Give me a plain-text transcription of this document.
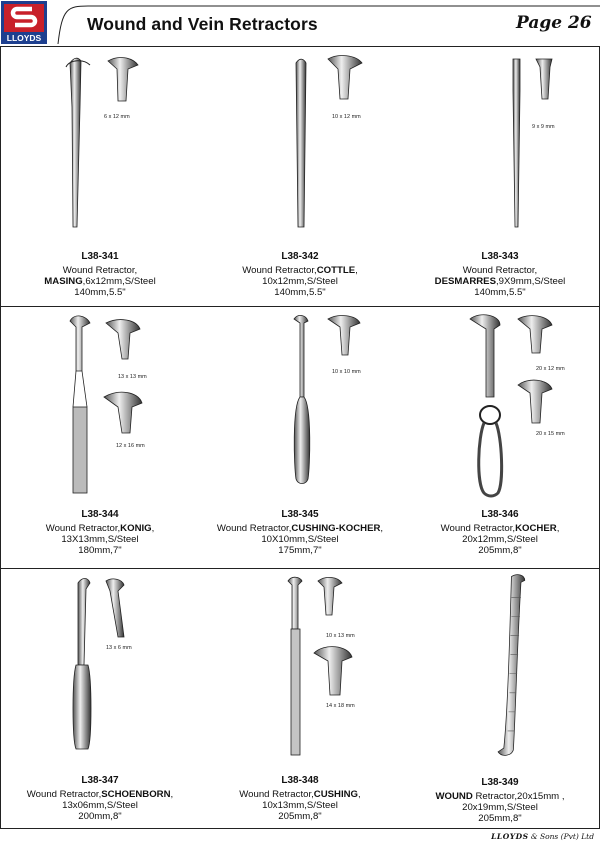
LLOYDS
Wound and Vein Retractors	Page 26
6 x 12 mm
L38-341
Wound Retractor,
MASING,6x12mm,S/Steel
140mm,5.5"
10 x 12 mm
L38-342
Wound Retractor,COTTLE,
10x12mm,S/Steel
140mm,5.5"
9 x 9 mm
L38-343
Wound Retractor,
DESMARRES,9X9mm,S/Steel
140mm,5.5"
13 x 13 mm
12 x 16 mm
L38-344
Wound Retractor,KONIG,
13X13mm,S/Steel
180mm,7"
10 x 10 mm
L38-345
Wound Retractor,CUSHING-KOCHER,
10X10mm,S/Steel
175mm,7"
20 x 12 mm
20 x 15 mm
L38-346
Wound Retractor,KOCHER,
20x12mm,S/Steel
205mm,8"
13 x 6 mm
L38-347
Wound Retractor,SCHOENBORN,
13x06mm,S/Steel
200mm,8"
10 x 13 mm
14 x 18 mm
L38-348
Wound Retractor,CUSHING,
10x13mm,S/Steel
205mm,8"
L38-349
WOUND Retractor,20x15mm ,
20x19mm,S/Steel
205mm,8"
LLOYDS & Sons (Pvt) Ltd
